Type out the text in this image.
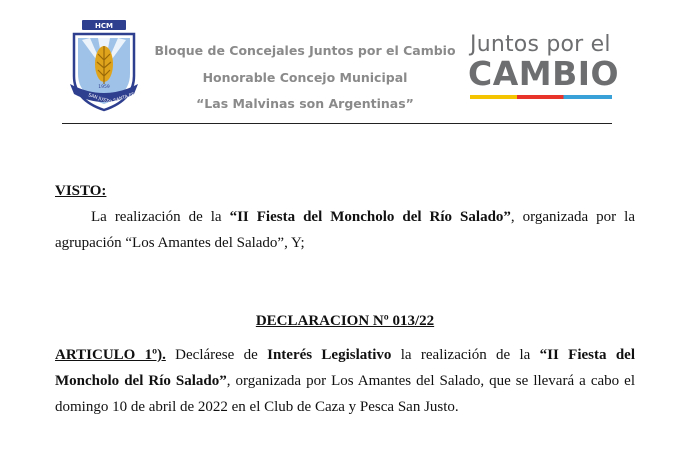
HCM
SAN JUSTO SANTA FE
1959
Bloque de Concejales Juntos por el Cambio
Honorable Concejo Municipal
“Las Malvinas son Argentinas”
Juntos por el
CAMBIO
VISTO:
La realización de la “II Fiesta del Moncholo del Río Salado”, organizada por la agrupación “Los Amantes del Salado”, Y;
DECLARACION Nº 013/22
ARTICULO 1º). Declárese de Interés Legislativo la realización de la “II Fiesta del Moncholo del Río Salado”, organizada por Los Amantes del Salado, que se llevará a cabo el domingo 10 de abril de 2022 en el Club de Caza y Pesca San Justo.
